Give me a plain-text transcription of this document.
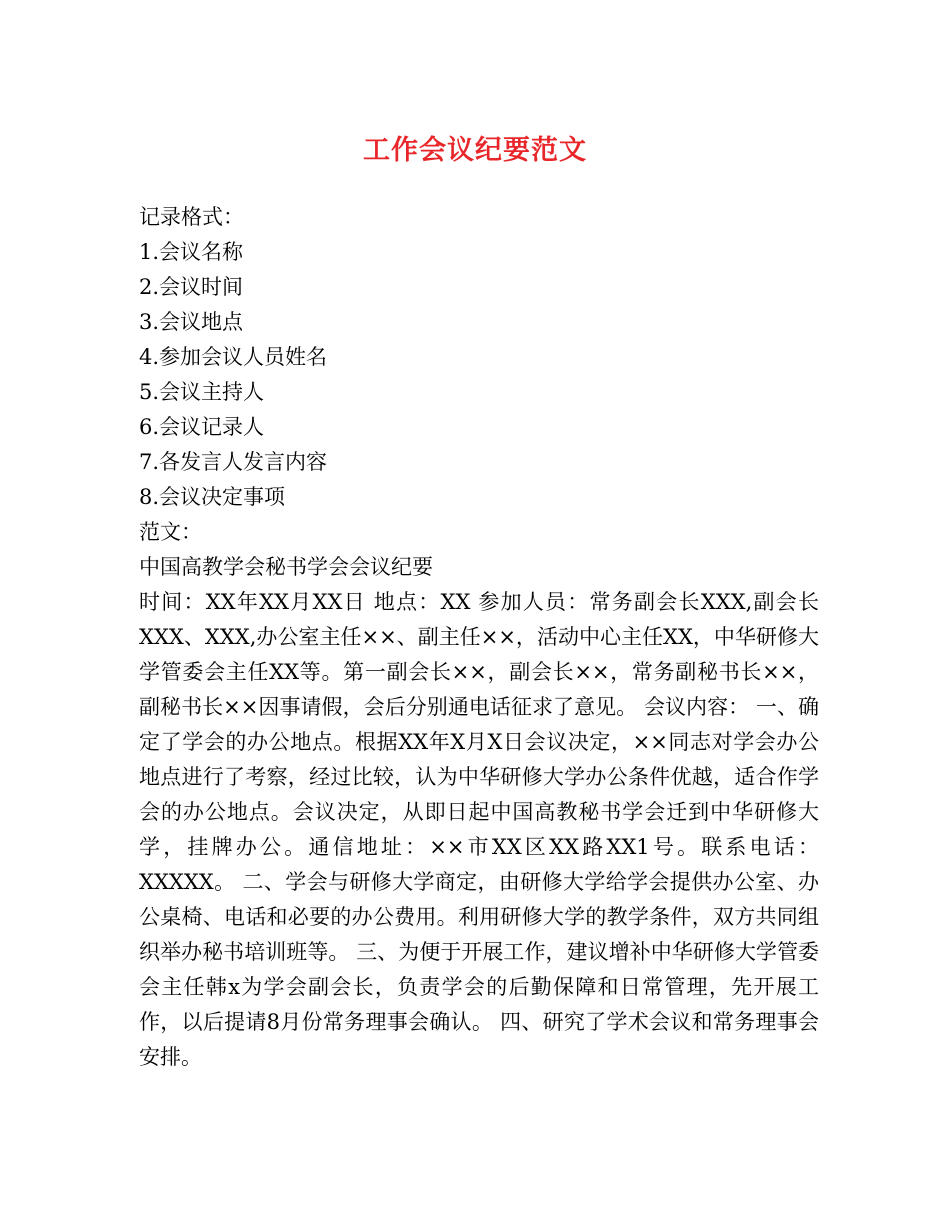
工作会议纪要范文
记录格式：
1.会议名称
2.会议时间
3.会议地点
4.参加会议人员姓名
5.会议主持人
6.会议记录人
7.各发言人发言内容
8.会议决定事项
范文：
中国高教学会秘书学会会议纪要
时间：XX年XX月XX日 地点：XX 参加人员：常务副会长XXX,副会长XXX、XXX,办公室主任××、副主任××，活动中心主任XX，中华研修大学管委会主任XX等。第一副会长××，副会长××，常务副秘书长××，副秘书长××因事请假，会后分别通电话征求了意见。 会议内容： 一、确定了学会的办公地点。根据XX年X月X日会议决定，××同志对学会办公地点进行了考察，经过比较，认为中华研修大学办公条件优越，适合作学会的办公地点。会议决定，从即日起中国高教秘书学会迁到中华研修大学，挂牌办公。通信地址：××市XX区XX路XX1号。联系电话：XXXXX。 二、学会与研修大学商定，由研修大学给学会提供办公室、办公桌椅、电话和必要的办公费用。利用研修大学的教学条件，双方共同组织举办秘书培训班等。 三、为便于开展工作，建议增补中华研修大学管委会主任韩x为学会副会长，负责学会的后勤保障和日常管理，先开展工作，以后提请8月份常务理事会确认。 四、研究了学术会议和常务理事会安排。
